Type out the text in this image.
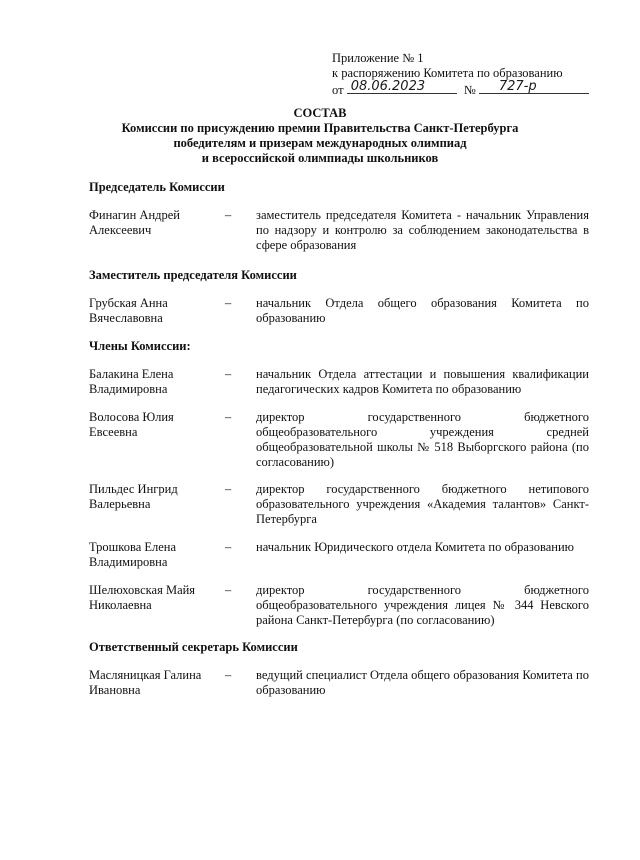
Приложение № 1
к распоряжению Комитета по образованию
от 08.06.2023	№ 727-р
СОСТАВ
Комиссии по присуждению премии Правительства Санкт-Петербурга
победителям и призерам международных олимпиад
и всероссийской олимпиады школьников
Председатель Комиссии
Финагин Андрей Алексеевич
– заместитель председателя Комитета - начальник Управления по надзору и контролю за соблюдением законодательства в сфере образования
Заместитель председателя Комиссии
Грубская Анна Вячеславовна
– начальник Отдела общего образования Комитета по образованию
Члены Комиссии:
Балакина Елена Владимировна
– начальник Отдела аттестации и повышения квалификации педагогических кадров Комитета по образованию
Волосова Юлия Евсеевна
– директор государственного бюджетного общеобразовательного учреждения средней общеобразовательной школы № 518 Выборгского района (по согласованию)
Пильдес Ингрид Валерьевна
– директор государственного бюджетного нетипового образовательного учреждения «Академия талантов» Санкт-Петербурга
Трошкова Елена Владимировна
– начальник Юридического отдела Комитета по образованию
Шелюховская Майя Николаевна
– директор государственного бюджетного общеобразовательного учреждения лицея № 344 Невского района Санкт-Петербурга (по согласованию)
Ответственный секретарь Комиссии
Масляницкая Галина Ивановна
– ведущий специалист Отдела общего образования Комитета по образованию
